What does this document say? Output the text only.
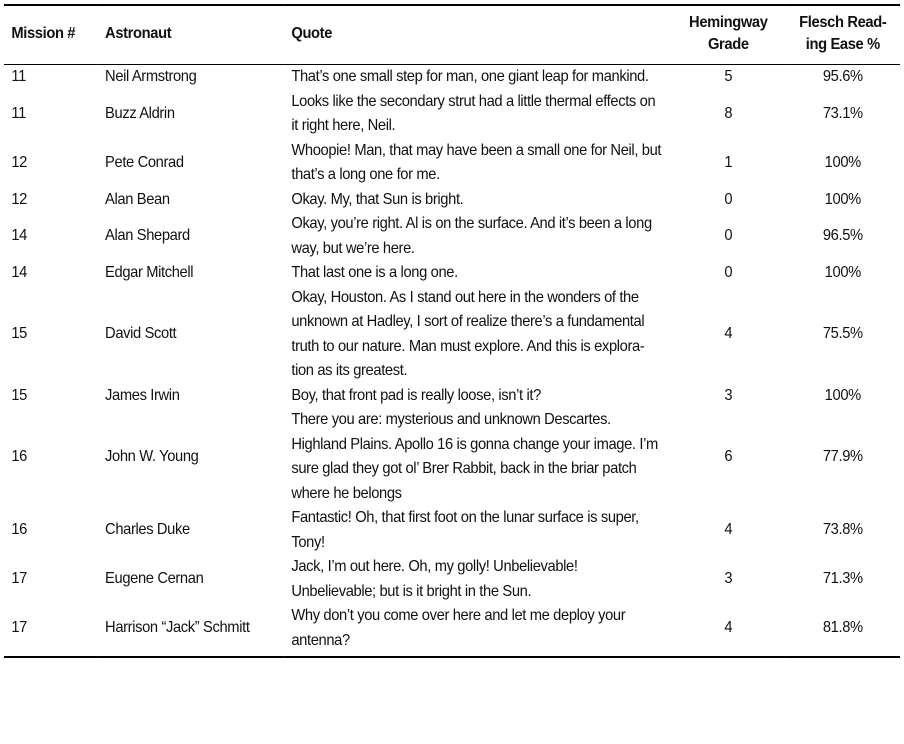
Mission #	Astronaut	Quote	Hemingway Grade	Flesch Read-ing Ease %
11	Neil Armstrong	That’s one small step for man, one giant leap for mankind.	5	95.6%
11	Buzz Aldrin	Looks like the secondary strut had a little thermal effects on it right here, Neil.	8	73.1%
12	Pete Conrad	Whoopie! Man, that may have been a small one for Neil, but that’s a long one for me.	1	100%
12	Alan Bean	Okay. My, that Sun is bright.	0	100%
14	Alan Shepard	Okay, you’re right. Al is on the surface. And it’s been a long way, but we’re here.	0	96.5%
14	Edgar Mitchell	That last one is a long one.	0	100%
15	David Scott	Okay, Houston. As I stand out here in the wonders of the unknown at Hadley, I sort of realize there’s a fundamental truth to our nature. Man must explore. And this is explora-tion as its greatest.	4	75.5%
15	James Irwin	Boy, that front pad is really loose, isn’t it?	3	100%
16	John W. Young	There you are: mysterious and unknown Descartes. Highland Plains. Apollo 16 is gonna change your image. I’m sure glad they got ol’ Brer Rabbit, back in the briar patch where he belongs	6	77.9%
16	Charles Duke	Fantastic! Oh, that first foot on the lunar surface is super, Tony!	4	73.8%
17	Eugene Cernan	Jack, I’m out here. Oh, my golly! Unbelievable! Unbelievable; but is it bright in the Sun.	3	71.3%
17	Harrison “Jack” Schmitt	Why don’t you come over here and let me deploy your antenna?	4	81.8%
